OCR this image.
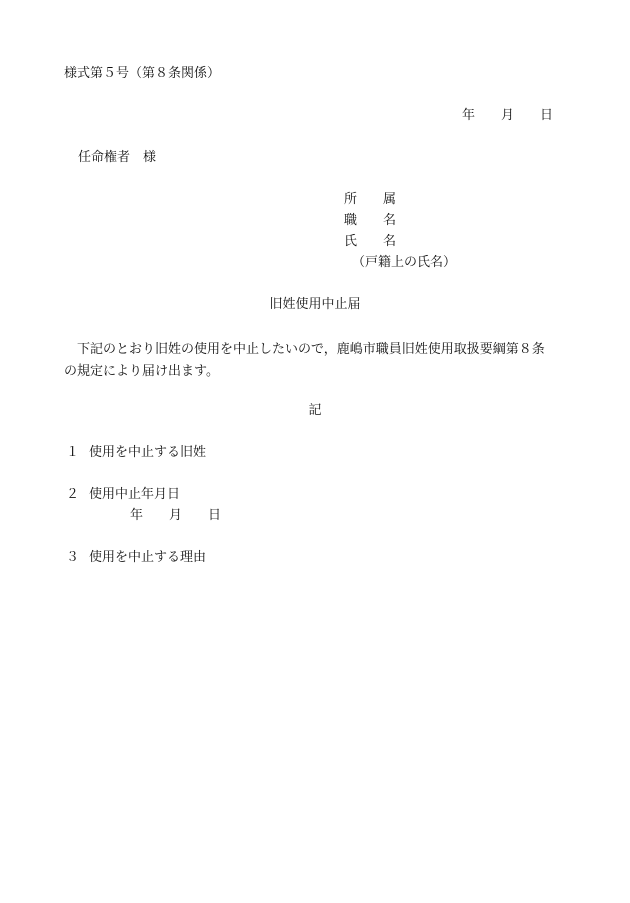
様式第５号（第８条関係）
年　　月　　日
任命権者　様
所　　属
職　　名
氏　　名
（戸籍上の氏名）
旧姓使用中止届
下記のとおり旧姓の使用を中止したいので，鹿嶋市職員旧姓使用取扱要綱第８条
の規定により届け出ます。
記
１ 使用を中止する旧姓
２ 使用中止年月日
年　　月　　日
３ 使用を中止する理由
